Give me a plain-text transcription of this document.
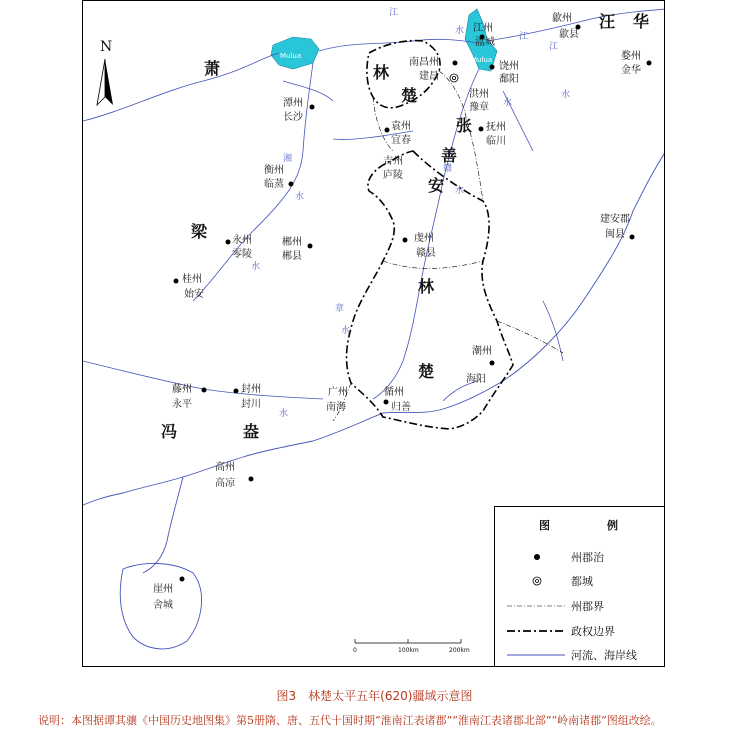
N
萧
梁
冯	盎
汪 华
林
楚
林
楚
张
善
安
江州
湓城
南昌州
建昌
饶州
鄱阳
洪州
豫章
歙州
歙县
婺州
金华
潭州
长沙
袁州
宜春
抚州
临川
吉州
庐陵
衡州
临蒸
建安郡
闽县
永州
零陵
郴州
郴县
虔州
赣县
桂州
始安
潮州
海阳
藤州
永平
封州
封川
广州
南海
循州
归善
高州
高凉
崖州
舍城
江
水
赣
水
章
水
湘
水
江
水
水
水
江
水
Mulua	Mulua
0	100km	200km
图	例
州郡治
都城
州郡界
政权边界
河流、海岸线
图3　林楚太平五年(620)疆域示意图
说明：本图据谭其骧《中国历史地图集》第5册隋、唐、五代十国时期“淮南江表诸郡”“淮南江表诸郡北部”“岭南诸郡”图组改绘。
